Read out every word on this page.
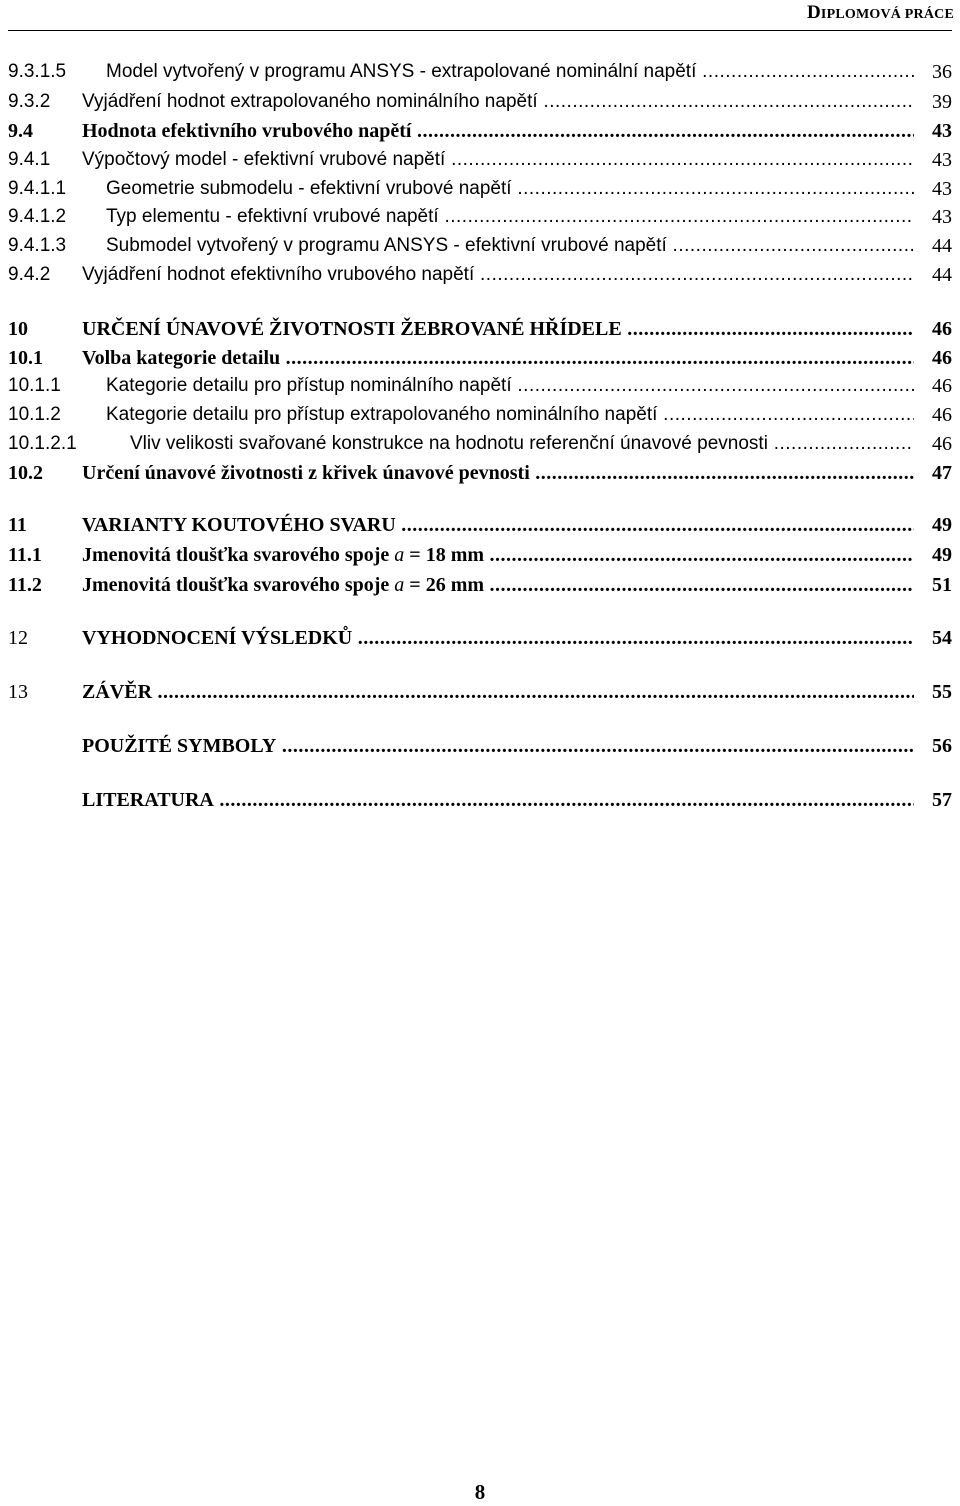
DIPLOMOVÁ PRÁCE
9.3.1.5 Model vytvořený v programu ANSYS - extrapolované nominální napětí .....	36
9.3.2 Vyjádření hodnot extrapolovaného nominálního napětí .....	39
9.4 Hodnota efektivního vrubového napětí .....	43
9.4.1 Výpočtový model - efektivní vrubové napětí .....	43
9.4.1.1 Geometrie submodelu - efektivní vrubové napětí .....	43
9.4.1.2 Typ elementu - efektivní vrubové napětí .....	43
9.4.1.3 Submodel vytvořený v programu ANSYS - efektivní vrubové napětí .....	44
9.4.2 Vyjádření hodnot efektivního vrubového napětí .....	44
10	URČENÍ ÚNAVOVÉ ŽIVOTNOSTI ŽEBROVANÉ HŘÍDELE .....	46
10.1 Volba kategorie detailu .....	46
10.1.1 Kategorie detailu pro přístup nominálního napětí .....	46
10.1.2 Kategorie detailu pro přístup extrapolovaného nominálního napětí .....	46
10.1.2.1	Vliv velikosti svařované konstrukce na hodnotu referenční únavové pevnosti .....	46
10.2 Určení únavové životnosti z křivek únavové pevnosti .....	47
11	VARIANTY KOUTOVÉHO SVARU .....	49
11.1 Jmenovitá tloušťka svarového spoje a = 18 mm .....	49
11.2 Jmenovitá tloušťka svarového spoje a = 26 mm .....	51
12	VYHODNOCENÍ VÝSLEDKŮ .....	54
13	ZÁVĚR .....	55
POUŽITÉ SYMBOLY .....	56
LITERATURA .....	57
8
